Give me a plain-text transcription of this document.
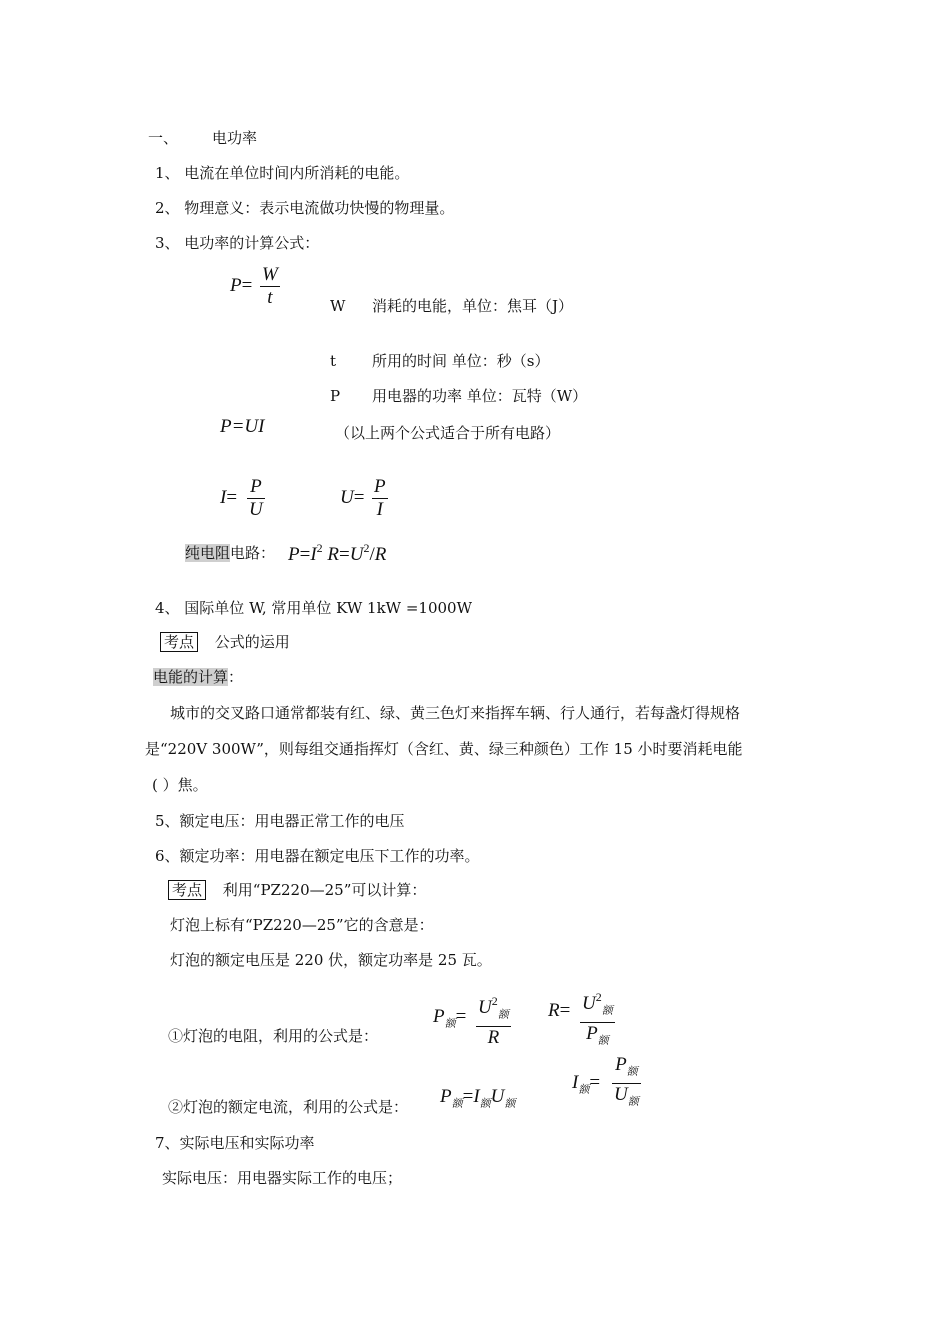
一、 电功率
1、 电流在单位时间内所消耗的电能。
2、 物理意义：表示电流做功快慢的物理量。
3、 电功率的计算公式：
$P= \frac{W}{t}$	W 消耗的电能，单位：焦耳（J）
t 所用的时间 单位：秒（s）
P 用电器的功率 单位：瓦特（W）
P=UI	（以上两个公式适合于所有电路）
$I= \frac{P}{U}$	$U= \frac{P}{I}$
纯电阻电路： $P=I^2$ $R=U^2/R$
4、 国际单位 W, 常用单位 KW 1kW =1000W
考点 公式的运用
电能的计算：
城市的交叉路口通常都装有红、绿、黄三色灯来指挥车辆、行人通行，若每盏灯得规格
是“220V 300W”，则每组交通指挥灯（含红、黄、绿三种颜色）工作 15 小时要消耗电能
( ）焦。
5、额定电压：用电器正常工作的电压
6、额定功率：用电器在额定电压下工作的功率。
考点 利用“PZ220—25”可以计算：
灯泡上标有“PZ220—25”它的含意是：
灯泡的额定电压是 220 伏，额定功率是 25 瓦。
①灯泡的电阻，利用的公式是：
$P_额= U^2_额$
R
$R= U^2_额$
$P_额$
②灯泡的额定电流，利用的公式是： $P_额=I_额U_额$
$I_额=$
$P_额$
$U_额$
7、实际电压和实际功率
实际电压：用电器实际工作的电压；
